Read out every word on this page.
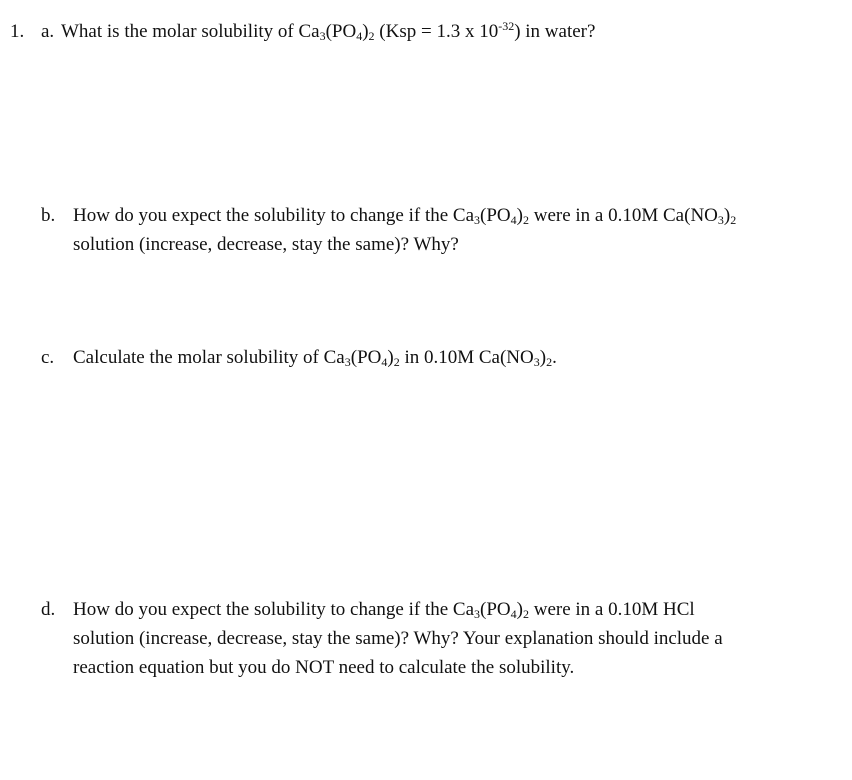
1. a. What is the molar solubility of $Ca_3(PO_4)_2$ (Ksp = 1.3 x $10^{-32}$) in water?
b. How do you expect the solubility to change if the $Ca_3(PO_4)_2$ were in a 0.10M $Ca(NO_3)_2$
solution (increase, decrease, stay the same)? Why?
c. Calculate the molar solubility of $Ca_3(PO_4)_2$ in 0.10M $Ca(NO_3)_2$.
d. How do you expect the solubility to change if the $Ca_3(PO_4)_2$ were in a 0.10M HCl
solution (increase, decrease, stay the same)? Why? Your explanation should include a
reaction equation but you do NOT need to calculate the solubility.
